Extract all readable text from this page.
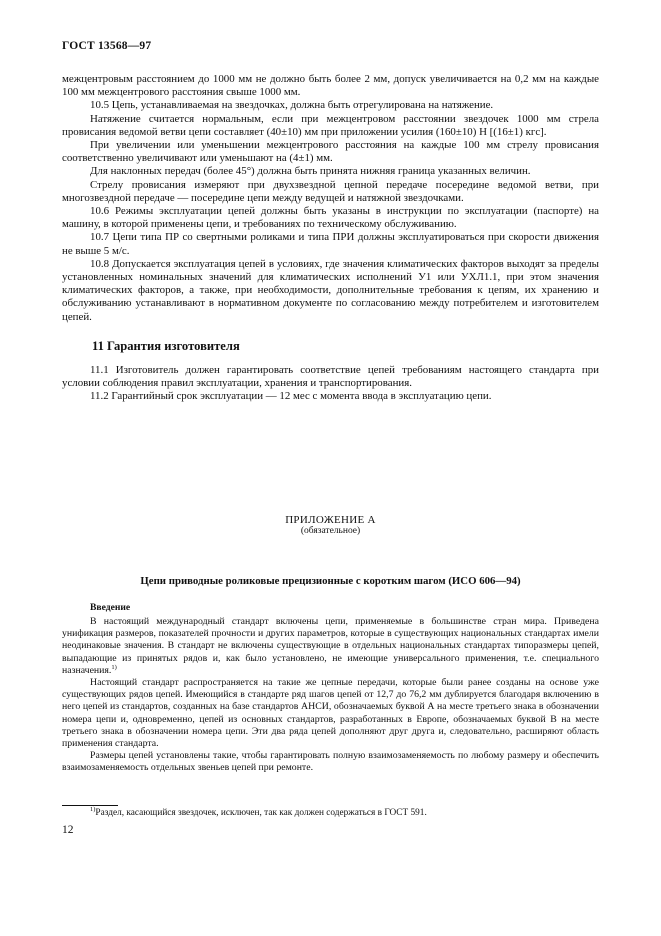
ГОСТ 13568—97

межцентровым расстоянием до 1000 мм не должно быть более 2 мм, допуск увеличивается на 0,2 мм на каждые 100 мм межцентрового расстояния свыше 1000 мм.

10.5 Цепь, устанавливаемая на звездочках, должна быть отрегулирована на натяжение.

Натяжение считается нормальным, если при межцентровом расстоянии звездочек 1000 мм стрела провисания ведомой ветви цепи составляет (40±10) мм при приложении усилия (160±10) Н [(16±1) кгс].

При увеличении или уменьшении межцентрового расстояния на каждые 100 мм стрелу провисания соответственно увеличивают или уменьшают на (4±1) мм.

Для наклонных передач (более 45°) должна быть принята нижняя граница указанных величин.

Стрелу провисания измеряют при двухзвездной цепной передаче посередине ведомой ветви, при многозвездной передаче — посередине цепи между ведущей и натяжной звездочками.

10.6 Режимы эксплуатации цепей должны быть указаны в инструкции по эксплуатации (паспорте) на машину, в которой применены цепи, и требованиях по техническому обслуживанию.

10.7 Цепи типа ПР со свертными роликами и типа ПРИ должны эксплуатироваться при скорости движения не выше 5 м/с.

10.8 Допускается эксплуатация цепей в условиях, где значения климатических факторов выходят за пределы установленных номинальных значений для климатических исполнений У1 или УХЛ1.1, при этом значения климатических факторов, а также, при необходимости, дополнительные требования к цепям, их хранению и обслуживанию устанавливают в нормативном документе по согласованию между потребителем и изготовителем цепей.

11 Гарантия изготовителя

11.1 Изготовитель должен гарантировать соответствие цепей требованиям настоящего стандарта при условии соблюдения правил эксплуатации, хранения и транспортирования.

11.2 Гарантийный срок эксплуатации — 12 мес с момента ввода в эксплуатацию цепи.

ПРИЛОЖЕНИЕ А
(обязательное)
Цепи приводные роликовые прецизионные с коротким шагом (ИСО 606—94)
Введение

В настоящий международный стандарт включены цепи, применяемые в большинстве стран мира. Приведена унификация размеров, показателей прочности и других параметров, которые в существующих национальных стандартах имели неодинаковые значения. В стандарт не включены существующие в отдельных национальных стандартах типоразмеры цепей, выпадающие из принятых рядов и, как было установлено, не имеющие универсального применения, т.е. специального назначения.$^{1)}$

Настоящий стандарт распространяется на такие же цепные передачи, которые были ранее созданы на основе уже существующих рядов цепей. Имеющийся в стандарте ряд шагов цепей от 12,7 до 76,2 мм дублируется благодаря включению в него цепей из стандартов, созданных на базе стандартов АНСИ, обозначаемых буквой А на месте третьего знака в обозначении номера цепи и, одновременно, цепей из основных стандартов, разработанных в Европе, обозначаемых буквой В на месте третьего знака в обозначении номера цепи. Эти два ряда цепей дополняют друг друга и, следовательно, расширяют область применения стандарта.

Размеры цепей установлены такие, чтобы гарантировать полную взаимозаменяемость по любому размеру и обеспечить взаимозаменяемость отдельных звеньев цепей при ремонте.

$^{1)}$Раздел, касающийся звездочек, исключен, так как должен содержаться в ГОСТ 591.
12
